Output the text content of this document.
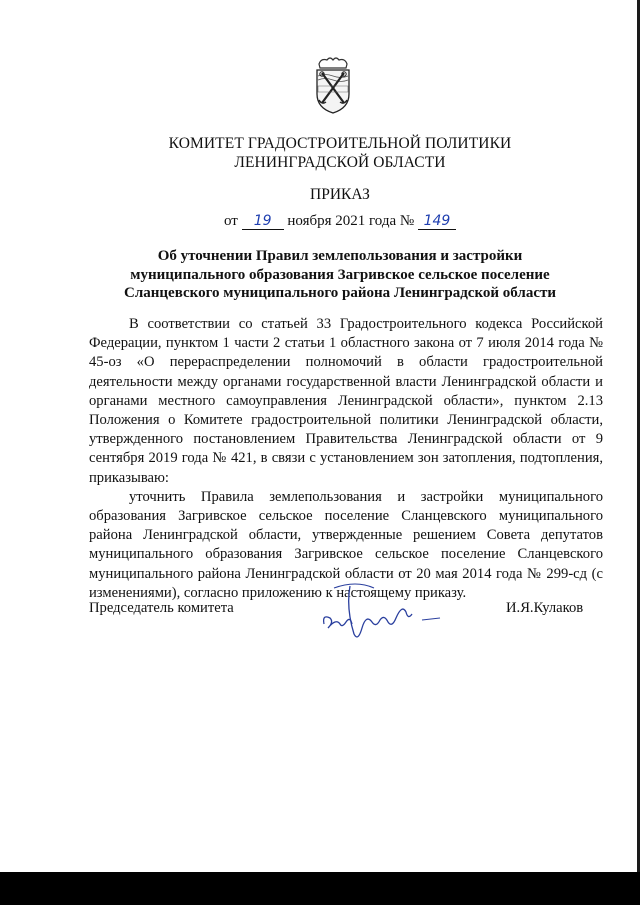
КОМИТЕТ ГРАДОСТРОИТЕЛЬНОЙ ПОЛИТИКИ
ЛЕНИНГРАДСКОЙ ОБЛАСТИ
ПРИКАЗ
от 19 ноября 2021 года № 149
Об уточнении Правил землепользования и застройки
муниципального образования Загривское сельское поселение
Сланцевского муниципального района Ленинградской области

В соответствии со статьей 33 Градостроительного кодекса Российской Федерации, пунктом 1 части 2 статьи 1 областного закона от 7 июля 2014 года № 45-оз «О перераспределении полномочий в области градостроительной деятельности между органами государственной власти Ленинградской области и органами местного самоуправления Ленинградской области», пунктом 2.13 Положения о Комитете градостроительной политики Ленинградской области, утвержденного постановлением Правительства Ленинградской области от 9 сентября 2019 года № 421, в связи с установлением зон затопления, подтопления, приказываю:

уточнить Правила землепользования и застройки муниципального образования Загривское сельское поселение Сланцевского муниципального района Ленинградской области, утвержденные решением Совета депутатов муниципального образования Загривское сельское поселение Сланцевского муниципального района Ленинградской области от 20 мая 2014 года № 299-сд (с изменениями), согласно приложению к настоящему приказу.

Председатель комитета	И.Я.Кулаков
